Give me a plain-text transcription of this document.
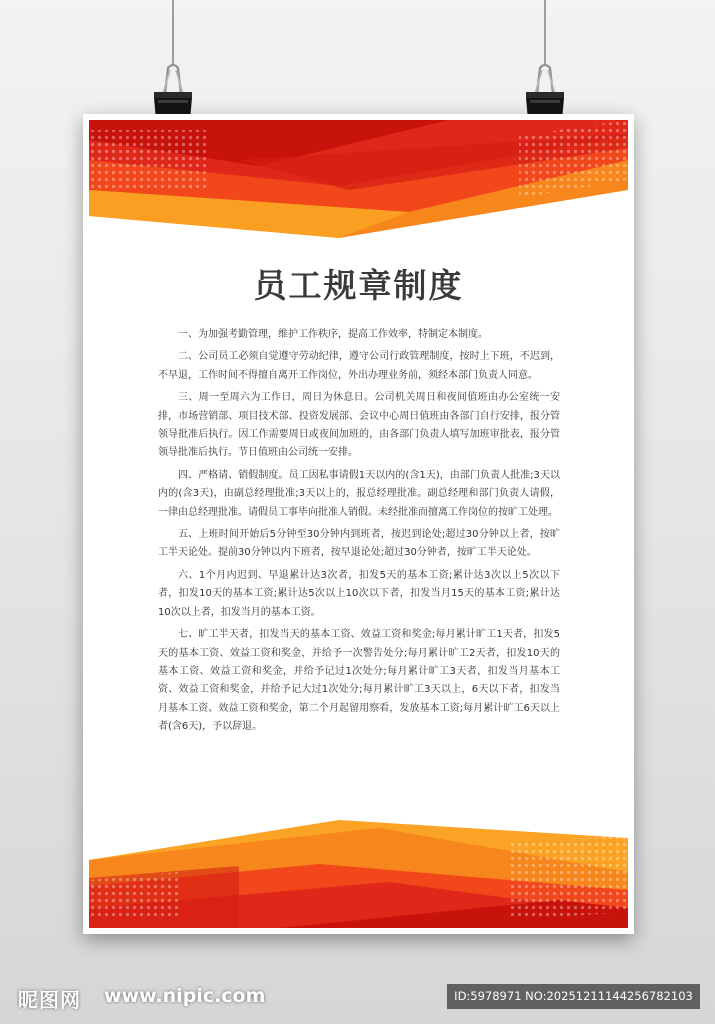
员工规章制度

一、为加强考勤管理，维护工作秩序，提高工作效率，特制定本制度。

二、公司员工必须自觉遵守劳动纪律，遵守公司行政管理制度，按时上下班，不迟到，不早退，工作时间不得擅自离开工作岗位，外出办理业务前，须经本部门负责人同意。

三、周一至周六为工作日，周日为休息日。公司机关周日和夜间值班由办公室统一安排，市场营销部、项目技术部、投资发展部、会议中心周日值班由各部门自行安排，报分管领导批准后执行。因工作需要周日或夜间加班的，由各部门负责人填写加班审批表，报分管领导批准后执行。节日值班由公司统一安排。

四、严格请、销假制度。员工因私事请假1天以内的(含1天)，由部门负责人批准;3天以内的(含3天)，由副总经理批准;3天以上的，报总经理批准。副总经理和部门负责人请假，一律由总经理批准。请假员工事毕向批准人销假。未经批准而擅离工作岗位的按旷工处理。

五、上班时间开始后5分钟至30分钟内到班者，按迟到论处;超过30分钟以上者，按旷工半天论处。提前30分钟以内下班者，按早退论处;超过30分钟者，按旷工半天论处。

六、1个月内迟到、早退累计达3次者，扣发5天的基本工资;累计达3次以上5次以下者，扣发10天的基本工资;累计达5次以上10次以下者，扣发当月15天的基本工资;累计达10次以上者，扣发当月的基本工资。

七、旷工半天者，扣发当天的基本工资、效益工资和奖金;每月累计旷工1天者，扣发5天的基本工资、效益工资和奖金，并给予一次警告处分;每月累计旷工2天者，扣发10天的基本工资、效益工资和奖金，并给予记过1次处分;每月累计旷工3天者，扣发当月基本工资、效益工资和奖金，并给予记大过1次处分;每月累计旷工3天以上，6天以下者，扣发当月基本工资、效益工资和奖金，第二个月起留用察看，发放基本工资;每月累计旷工6天以上者(含6天)，予以辞退。

昵图网 www.nipic.com	ID:5978971 NO:20251211144256782103
